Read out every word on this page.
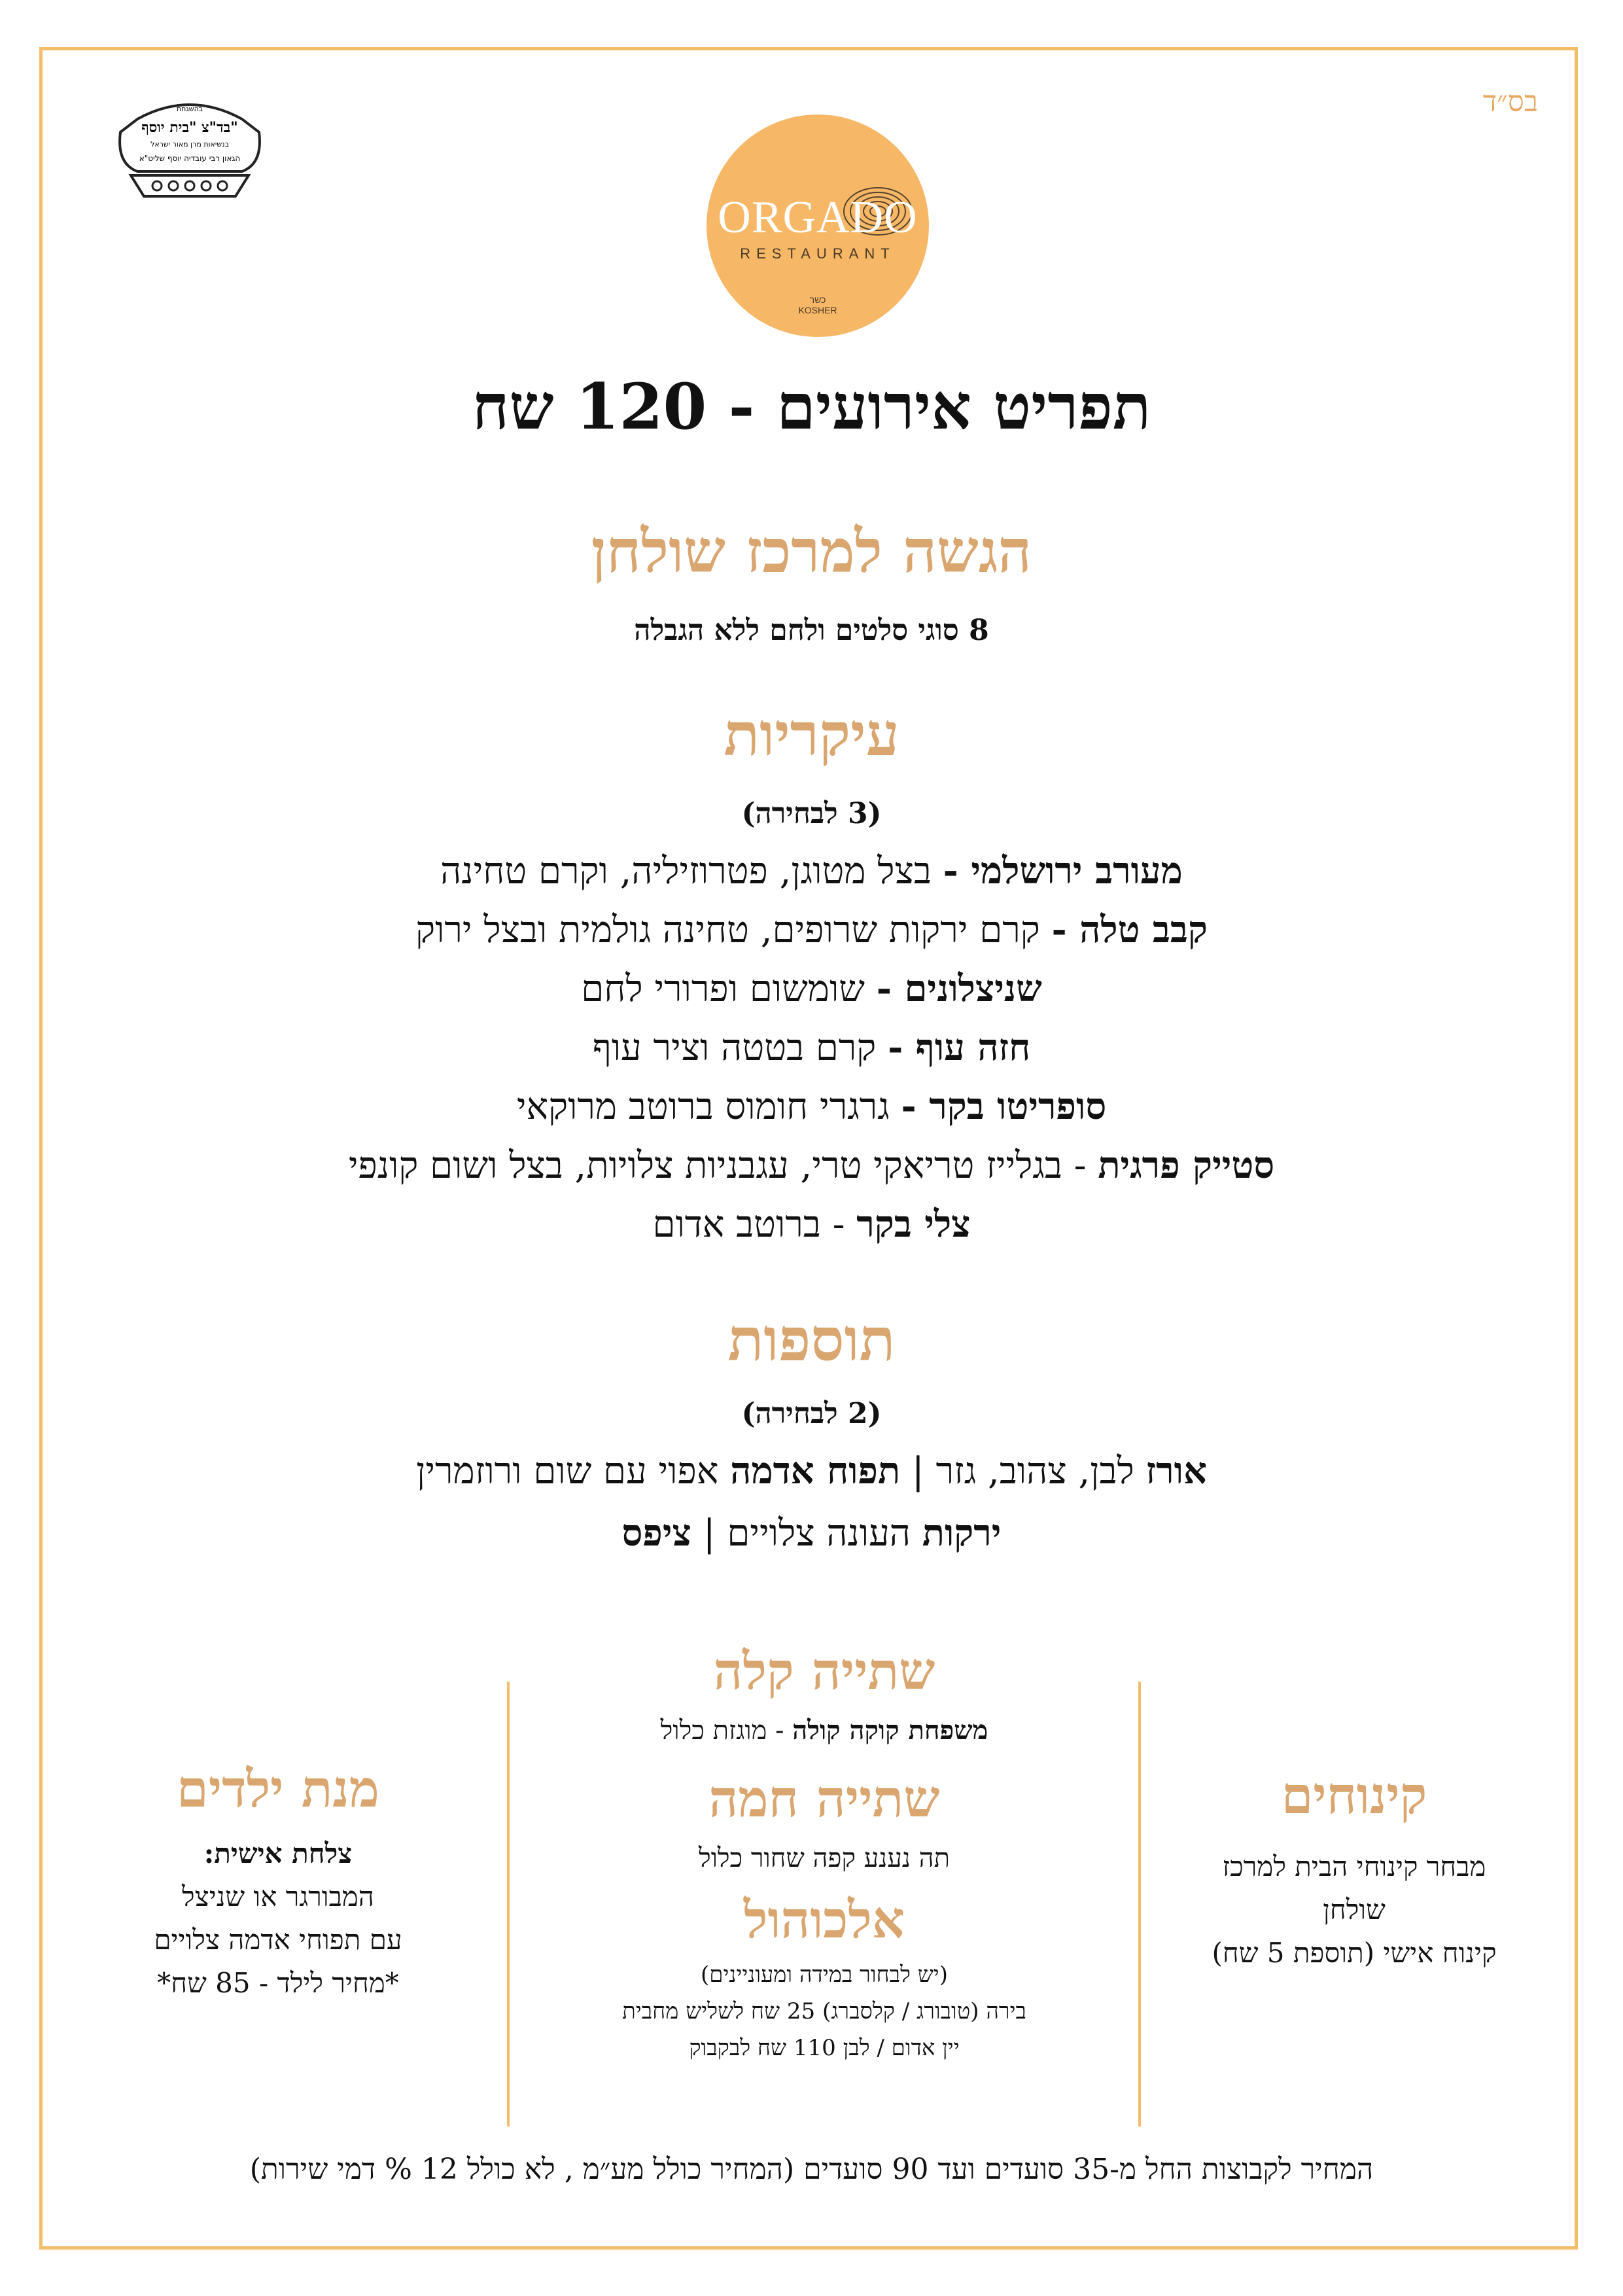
בס״ד
בהשגחת
בד"צ "בית יוסף"
בנשיאות מרן מאור ישראל
הגאון רבי עובדיה יוסף שליט"א
ORGADO
RESTAURANT
כשר
KOSHER
תפריט אירועים - 120 שח
הגשה למרכז שולחן
8 סוגי סלטים ולחם ללא הגבלה
עיקריות
(3 לבחירה)
מעורב ירושלמי - בצל מטוגן, פטרוזיליה, וקרם טחינה
קבב טלה - קרם ירקות שרופים, טחינה גולמית ובצל ירוק
שניצלונים - שומשום ופרורי לחם
חזה עוף - קרם בטטה וציר עוף
סופריטו בקר - גרגרי חומוס ברוטב מרוקאי
סטייק פרגית - בגלייז טריאקי טרי, עגבניות צלויות, בצל ושום קונפי
צלי בקר - ברוטב אדום
תוספות
(2 לבחירה)
אורז לבן, צהוב, גזר | תפוח אדמה אפוי עם שום ורוזמרין
ירקות העונה צלויים | ציפס
מנת ילדים
צלחת אישית:
המבורגר או שניצל
עם תפוחי אדמה צלויים
*מחיר לילד - 85 שח*
שתייה קלה
משפחת קוקה קולה - מוגזת כלול
שתייה חמה
תה נענע קפה שחור כלול
אלכוהול
(יש לבחור במידה ומעוניינים)
בירה (טובורג / קלסברג) 25 שח לשליש מחבית
יין אדום / לבן 110 שח לבקבוק
קינוחים
מבחר קינוחי הבית למרכז
שולחן
קינוח אישי (תוספת 5 שח)
המחיר לקבוצות החל מ-35 סועדים ועד 90 סועדים (המחיר כולל מע״מ , לא כולל 12 % דמי שירות)
